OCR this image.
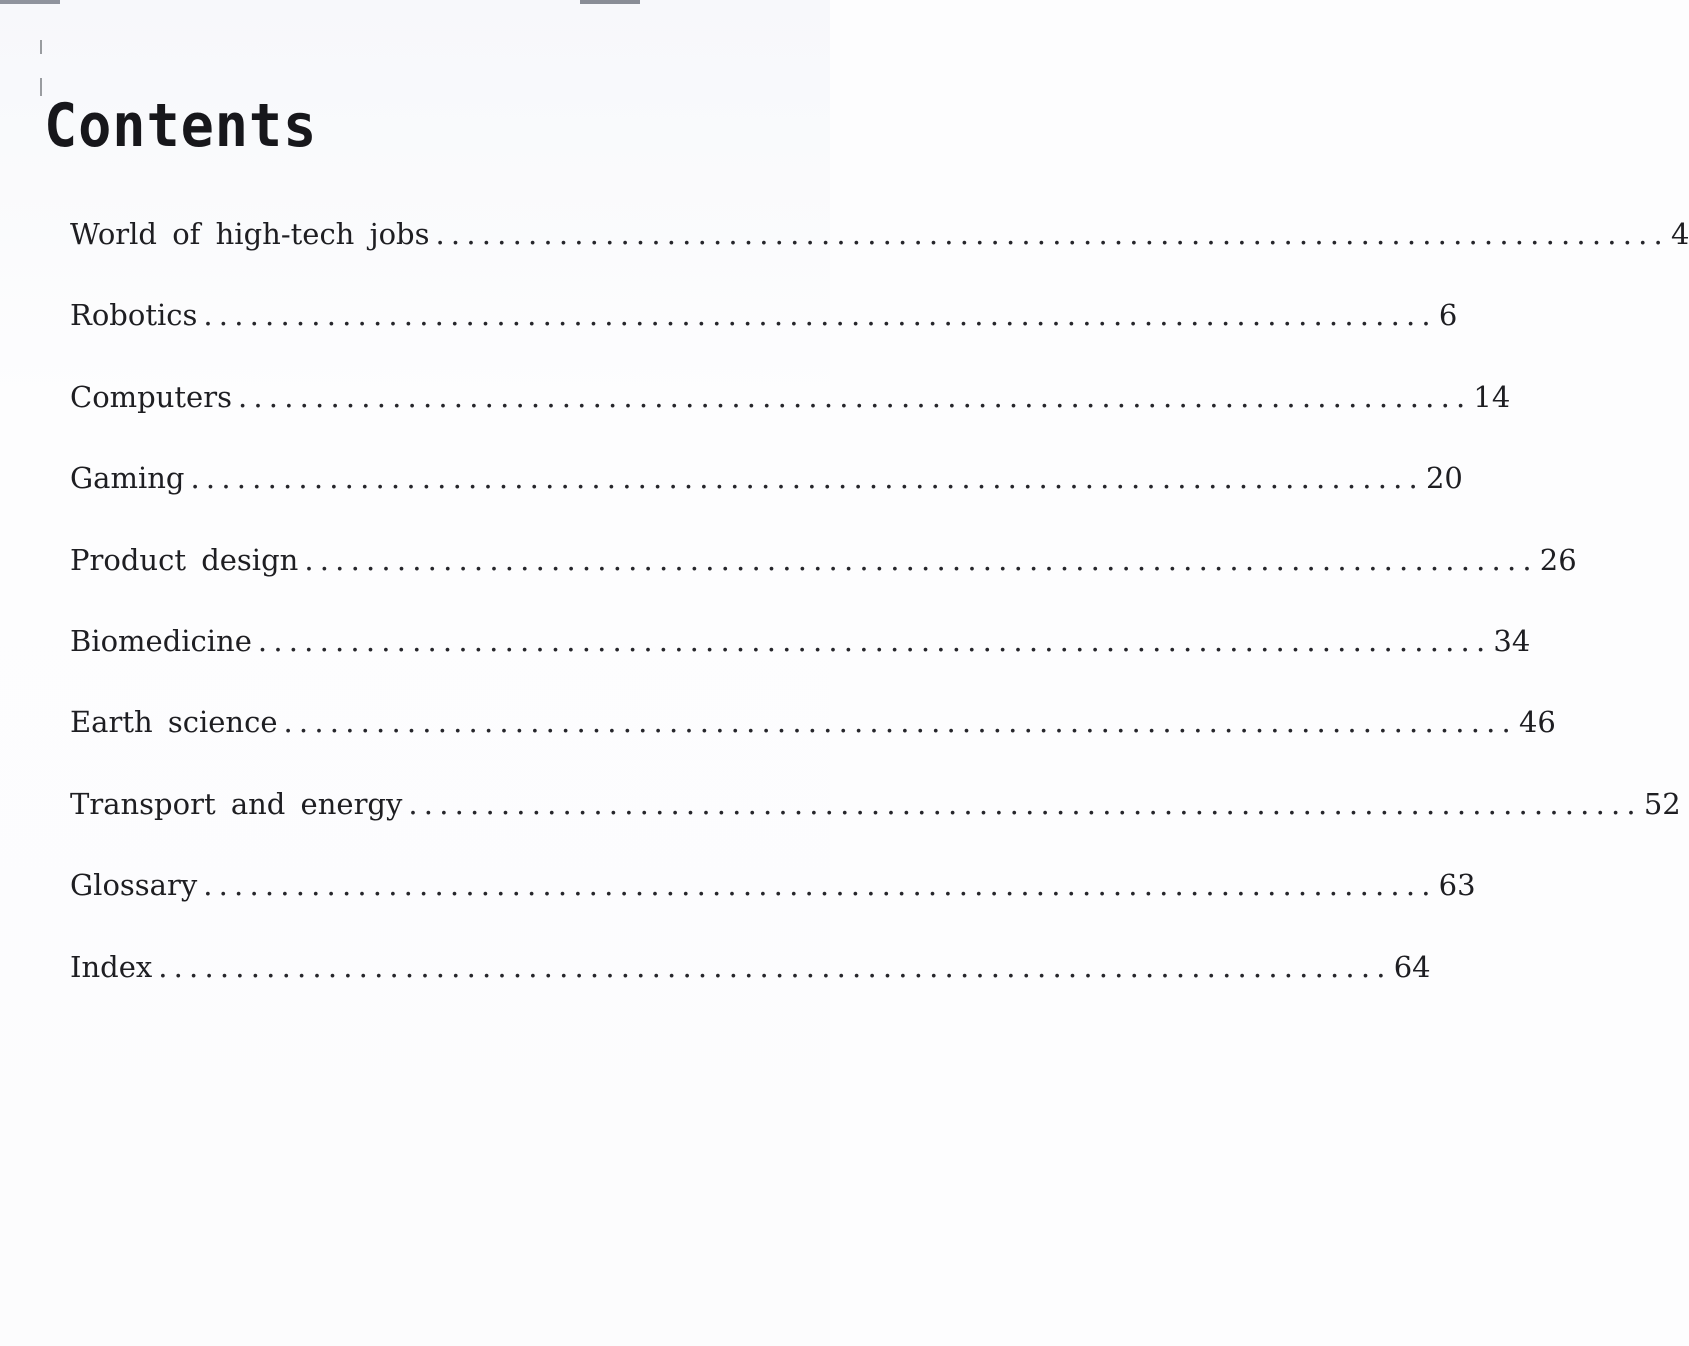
Contents
World of high-tech jobs ................................................................................ 4
Robotics ................................................................................ 6
Computers ................................................................................ 14
Gaming ................................................................................ 20
Product design ................................................................................ 26
Biomedicine ................................................................................ 34
Earth science ................................................................................ 46
Transport and energy ................................................................................ 52
Glossary ................................................................................ 63
Index ................................................................................ 64
